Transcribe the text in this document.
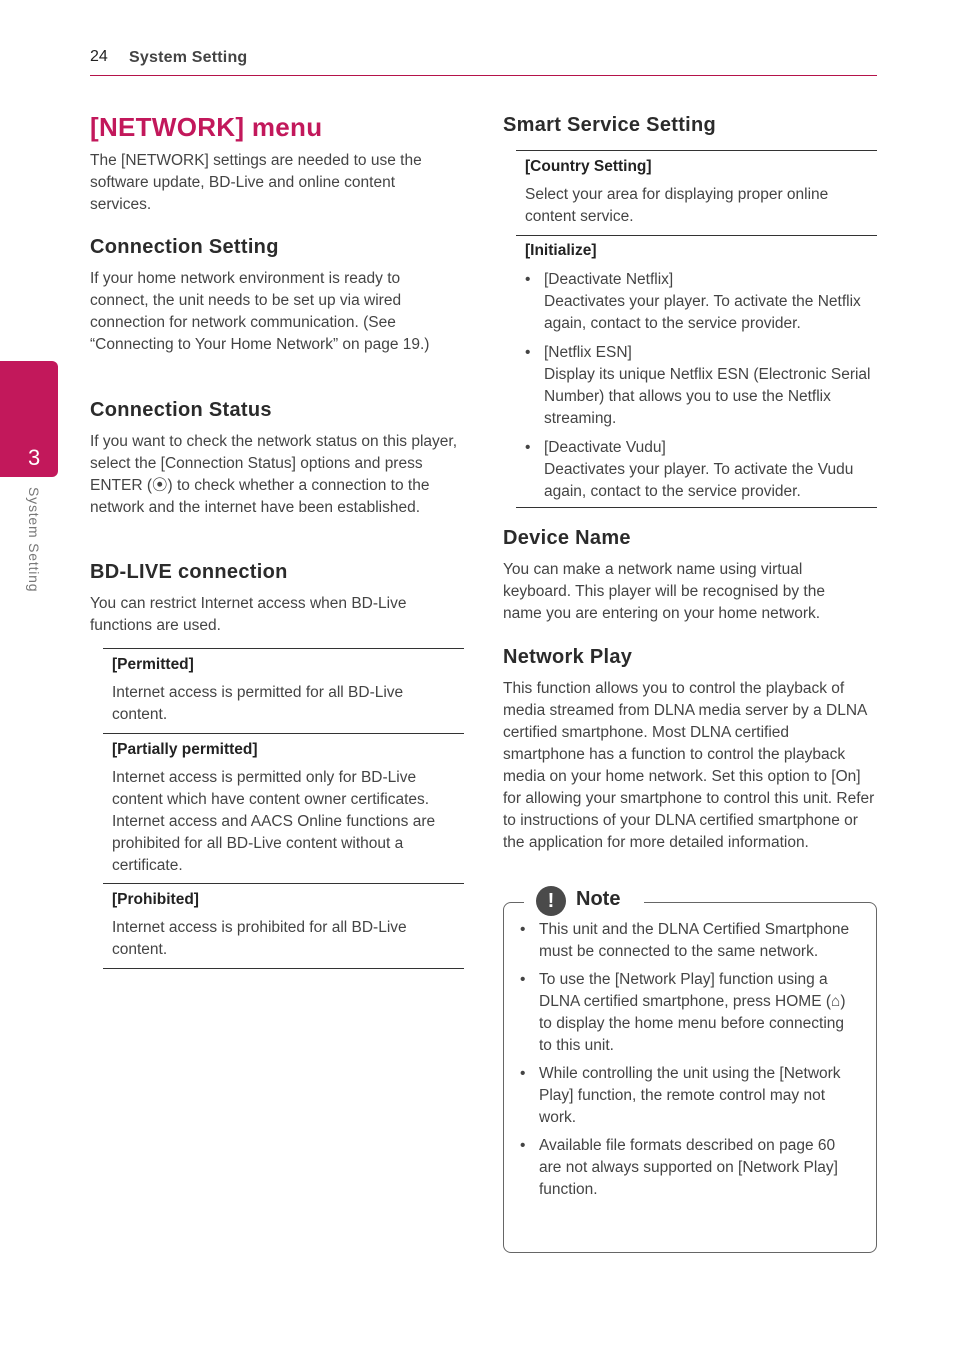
24 System Setting
3
System Setting
[NETWORK] menu
The [NETWORK] settings are needed to use the software update, BD-Live and online content services.
Connection Setting
If your home network environment is ready to connect, the unit needs to be set up via wired connection for network communication. (See “Connecting to Your Home Network” on page 19.)
Connection Status
If you want to check the network status on this player, select the [Connection Status] options and press ENTER (⦿) to check whether a connection to the network and the internet have been established.
BD-LIVE connection
You can restrict Internet access when BD-Live functions are used.
[Permitted]
Internet access is permitted for all BD-Live content.
[Partially permitted]
Internet access is permitted only for BD-Live content which have content owner certificates. Internet access and AACS Online functions are prohibited for all BD-Live content without a certificate.
[Prohibited]
Internet access is prohibited for all BD-Live content.
Smart Service Setting
[Country Setting]
Select your area for displaying proper online content service.
[Initialize]
• [Deactivate Netflix]
Deactivates your player. To activate the Netflix again, contact to the service provider.
• [Netflix ESN]
Display its unique Netflix ESN (Electronic Serial Number) that allows you to use the Netflix streaming.
• [Deactivate Vudu]
Deactivates your player. To activate the Vudu again, contact to the service provider.
Device Name
You can make a network name using virtual keyboard. This player will be recognised by the name you are entering on your home network.
Network Play
This function allows you to control the playback of media streamed from DLNA media server by a DLNA certified smartphone. Most DLNA certified smartphone has a function to control the playback media on your home network. Set this option to [On] for allowing your smartphone to control this unit. Refer to instructions of your DLNA certified smartphone or the application for more detailed information.
!	Note
• This unit and the DLNA Certified Smartphone must be connected to the same network.
• To use the [Network Play] function using a DLNA certified smartphone, press HOME (⌂) to display the home menu before connecting to this unit.
• While controlling the unit using the [Network Play] function, the remote control may not work.
• Available file formats described on page 60 are not always supported on [Network Play] function.
